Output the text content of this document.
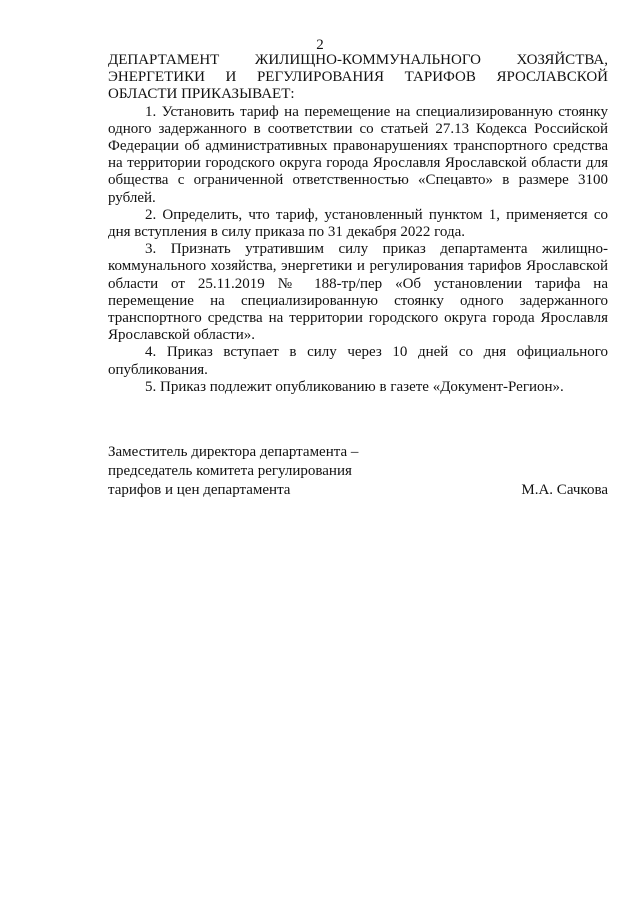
2

ДЕПАРТАМЕНТ ЖИЛИЩНО-КОММУНАЛЬНОГО ХОЗЯЙСТВА, ЭНЕРГЕТИКИ И РЕГУЛИРОВАНИЯ ТАРИФОВ ЯРОСЛАВСКОЙ ОБЛАСТИ ПРИКАЗЫВАЕТ:

1. Установить тариф на перемещение на специализированную стоянку одного задержанного в соответствии со статьей 27.13 Кодекса Российской Федерации об административных правонарушениях транспортного средства на территории городского округа города Ярославля Ярославской области для общества с ограниченной ответственностью «Спецавто» в размере 3100 рублей.

2. Определить, что тариф, установленный пунктом 1, применяется со дня вступления в силу приказа по 31 декабря 2022 года.

3. Признать утратившим силу приказ департамента жилищно-коммунального хозяйства, энергетики и регулирования тарифов Ярославской области от 25.11.2019 № 188-тр/пер «Об установлении тарифа на перемещение на специализированную стоянку одного задержанного транспортного средства на территории городского округа города Ярославля Ярославской области».

4. Приказ вступает в силу через 10 дней со дня официального опубликования.

5. Приказ подлежит опубликованию в газете «Документ-Регион».

Заместитель директора департамента –
председатель комитета регулирования
тарифов и цен департамента	М.А. Сачкова
